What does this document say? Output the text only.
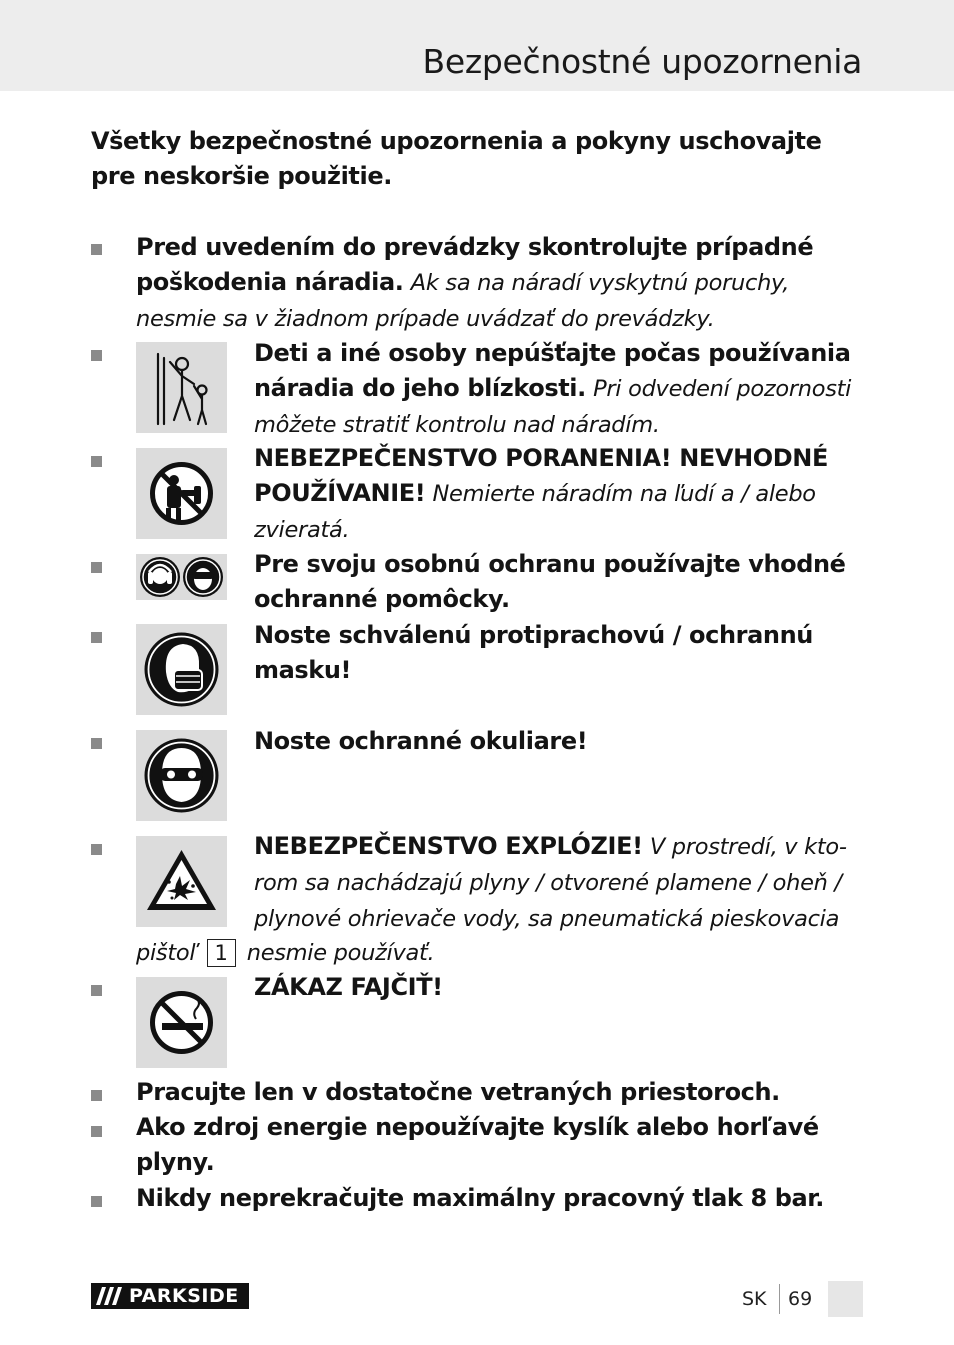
Bezpečnostné upozornenia
Všetky bezpečnostné upozornenia a pokyny uschovajte pre neskoršie použitie.
Pred uvedením do prevádzky skontrolujte prípadné poškodenia náradia. Ak sa na náradí vyskytnú poruchy, nesmie sa v žiadnom prípade uvádzať do prevádzky.
Deti a iné osoby nepúšťajte počas používania náradia do jeho blízkosti. Pri odvedení pozornosti môžete stratiť kontrolu nad náradím.
NEBEZPEČENSTVO PORANENIA! NEVHODNÉ POUŽÍVANIE! Nemierte náradím na ľudí a / alebo zvieratá.
Pre svoju osobnú ochranu používajte vhodné ochranné pomôcky.
Noste schválenú protiprachovú / ochrannú masku!
Noste ochranné okuliare!
NEBEZPEČENSTVO EXPLÓZIE! V prostredí, v kto-rom sa nachádzajú plyny / otvorené plamene / oheň / plynové ohrievače vody, sa pneumatická pieskovacia
pištoľ 1 nesmie používať.
ZÁKAZ FAJČIŤ!
Pracujte len v dostatočne vetraných priestoroch.
Ako zdroj energie nepoužívajte kyslík alebo horľavé plyny.
Nikdy neprekračujte maximálny pracovný tlak 8 bar.
PARKSIDE	SK 69
